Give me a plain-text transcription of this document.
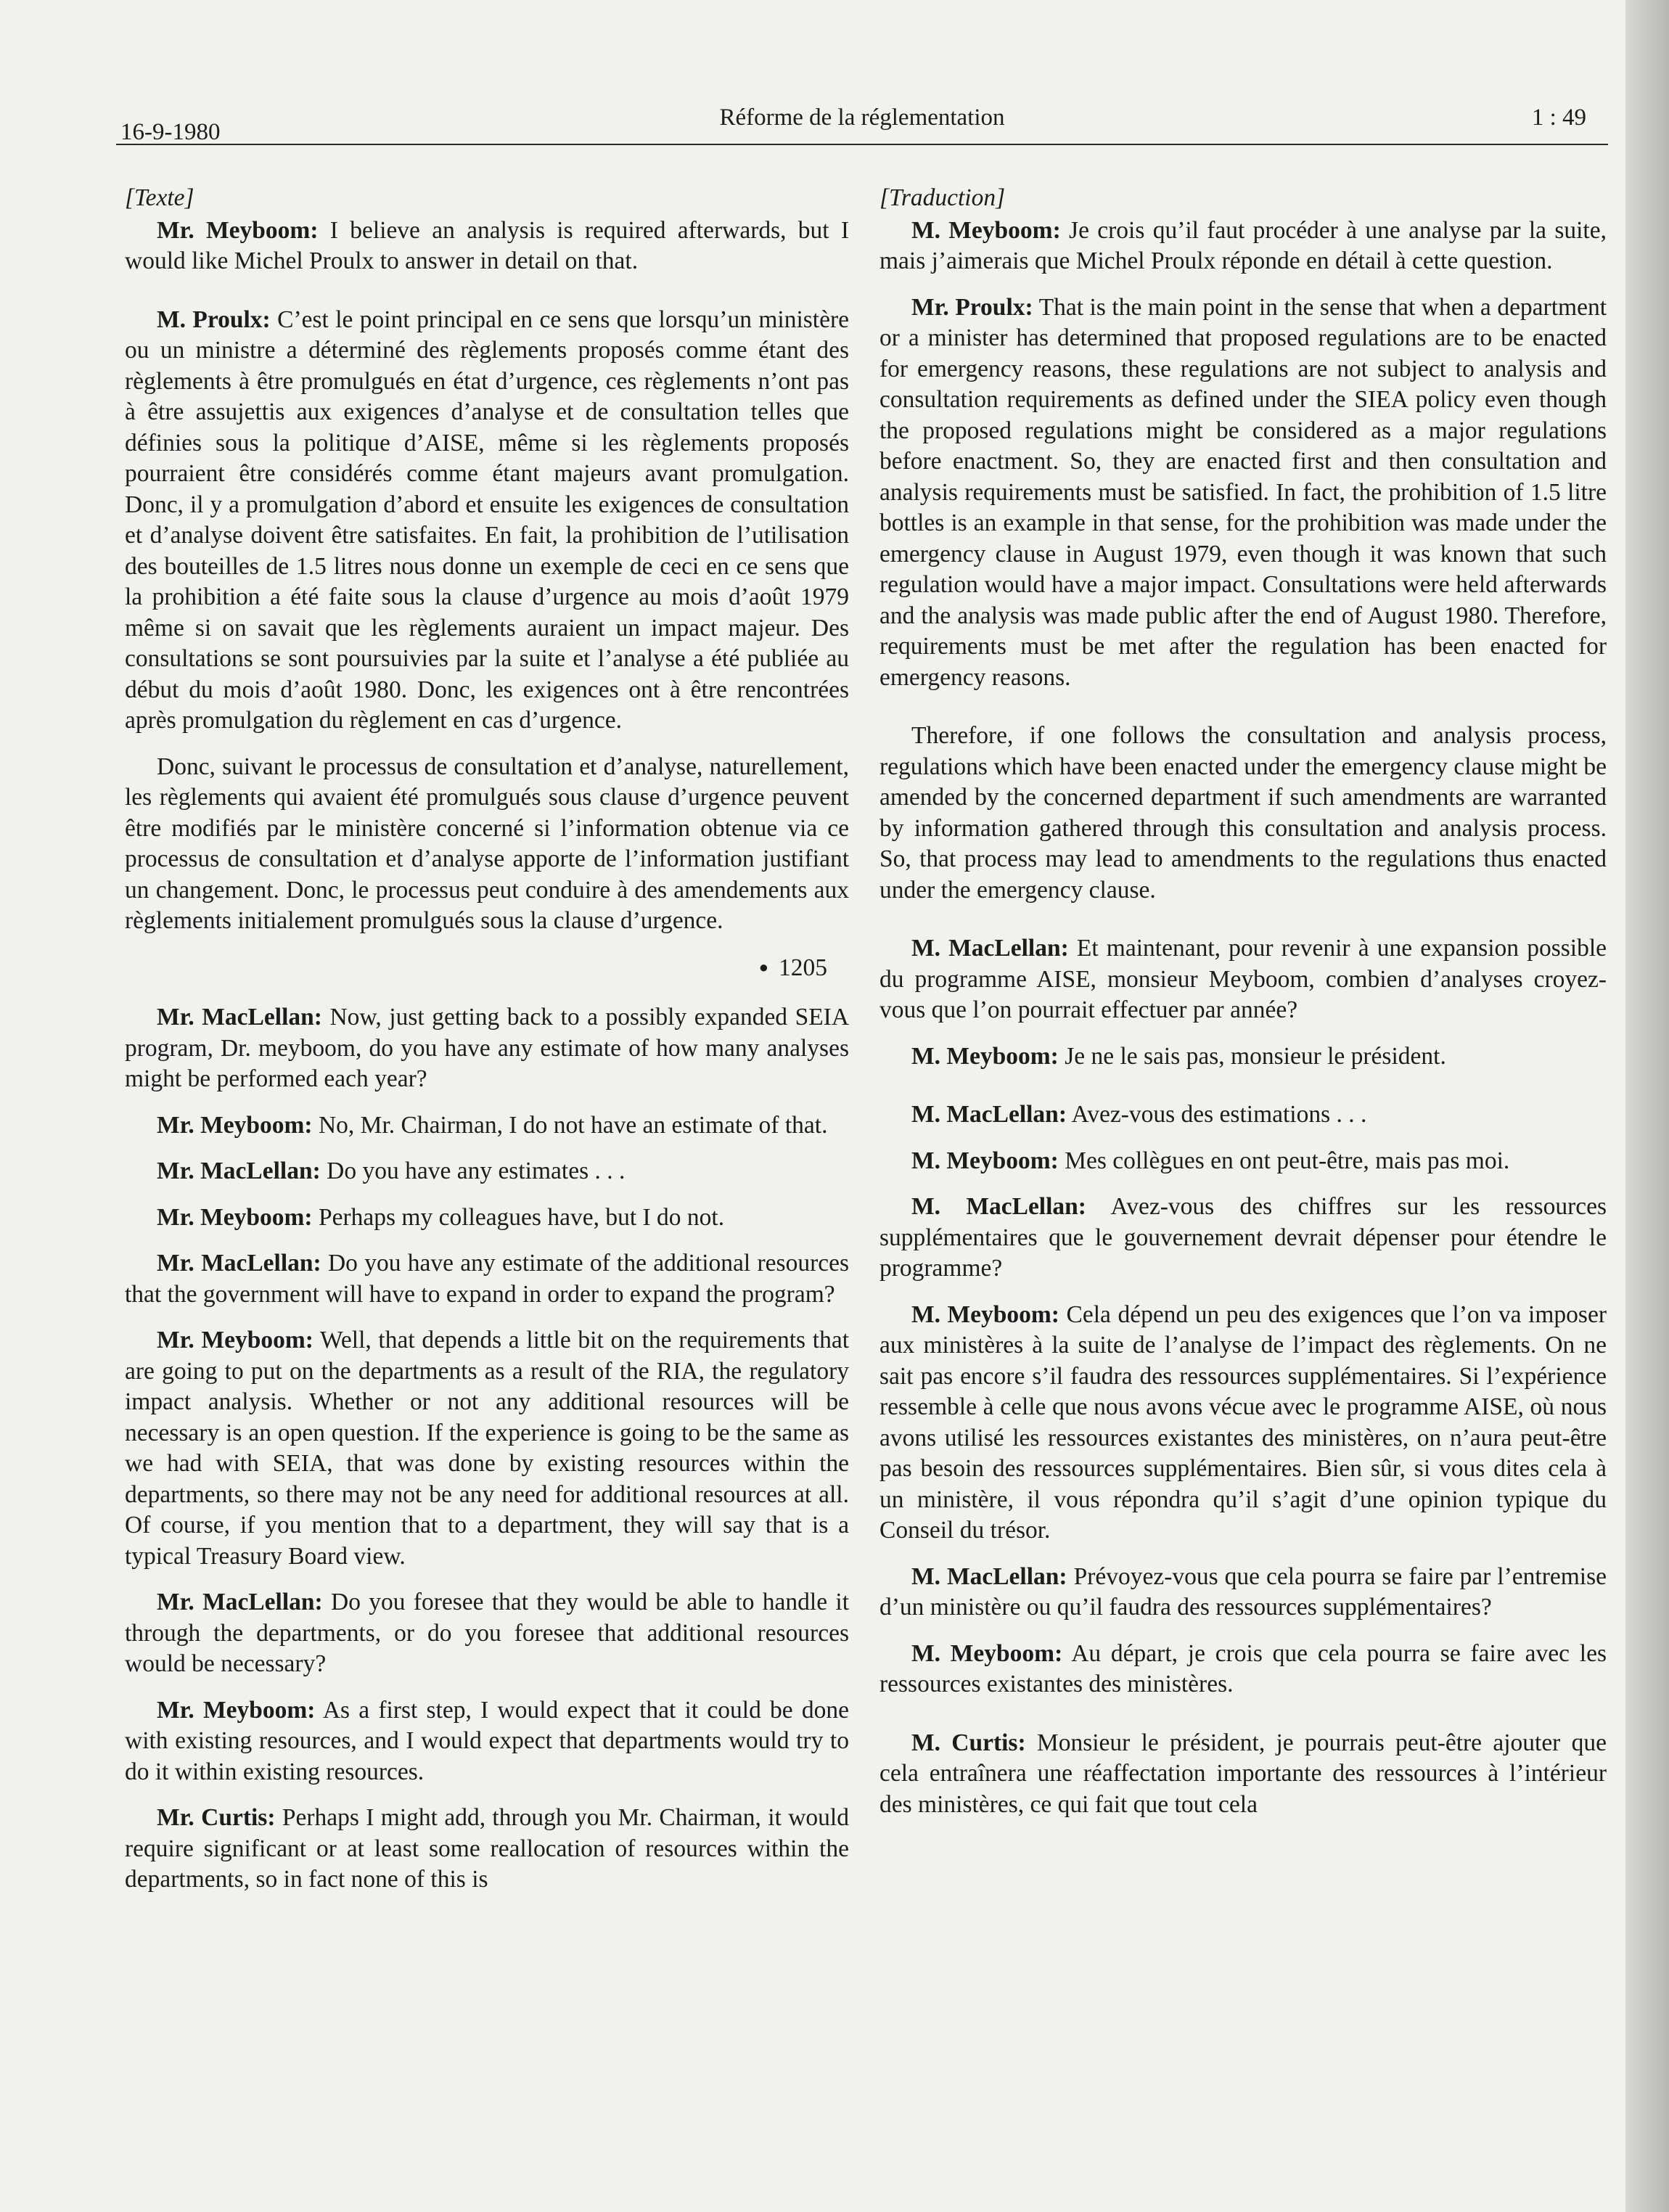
16-9-1980
Réforme de la réglementation	1 : 49

[Texte]

Mr. Meyboom: I believe an analysis is required afterwards, but I would like Michel Proulx to answer in detail on that.

M. Proulx: C’est le point principal en ce sens que lorsqu’un ministère ou un ministre a déterminé des règlements proposés comme étant des règlements à être promulgués en état d’urgence, ces règlements n’ont pas à être assujettis aux exigences d’analyse et de consultation telles que définies sous la politique d’AISE, même si les règlements proposés pourraient être considérés comme étant majeurs avant promulgation. Donc, il y a promulgation d’abord et ensuite les exigences de consultation et d’analyse doivent être satisfaites. En fait, la prohibition de l’utilisation des bouteilles de 1.5 litres nous donne un exemple de ceci en ce sens que la prohibition a été faite sous la clause d’urgence au mois d’août 1979 même si on savait que les règlements auraient un impact majeur. Des consultations se sont poursuivies par la suite et l’analyse a été publiée au début du mois d’août 1980. Donc, les exigences ont à être rencontrées après promulgation du règlement en cas d’urgence.

Donc, suivant le processus de consultation et d’analyse, naturellement, les règlements qui avaient été promulgués sous clause d’urgence peuvent être modifiés par le ministère concerné si l’information obtenue via ce processus de consultation et d’analyse apporte de l’information justifiant un changement. Donc, le processus peut conduire à des amendements aux règlements initialement promulgués sous la clause d’urgence.

● 1205

Mr. MacLellan: Now, just getting back to a possibly expanded SEIA program, Dr. meyboom, do you have any estimate of how many analyses might be performed each year?

Mr. Meyboom: No, Mr. Chairman, I do not have an estimate of that.

Mr. MacLellan: Do you have any estimates . . .

Mr. Meyboom: Perhaps my colleagues have, but I do not.

Mr. MacLellan: Do you have any estimate of the additional resources that the government will have to expand in order to expand the program?

Mr. Meyboom: Well, that depends a little bit on the requirements that are going to put on the departments as a result of the RIA, the regulatory impact analysis. Whether or not any additional resources will be necessary is an open question. If the experience is going to be the same as we had with SEIA, that was done by existing resources within the departments, so there may not be any need for additional resources at all. Of course, if you mention that to a department, they will say that is a typical Treasury Board view.

Mr. MacLellan: Do you foresee that they would be able to handle it through the departments, or do you foresee that additional resources would be necessary?

Mr. Meyboom: As a first step, I would expect that it could be done with existing resources, and I would expect that departments would try to do it within existing resources.

Mr. Curtis: Perhaps I might add, through you Mr. Chairman, it would require significant or at least some reallocation of resources within the departments, so in fact none of this is

[Traduction]

M. Meyboom: Je crois qu’il faut procéder à une analyse par la suite, mais j’aimerais que Michel Proulx réponde en détail à cette question.

Mr. Proulx: That is the main point in the sense that when a department or a minister has determined that proposed regulations are to be enacted for emergency reasons, these regulations are not subject to analysis and consultation requirements as defined under the SIEA policy even though the proposed regulations might be considered as a major regulations before enactment. So, they are enacted first and then consultation and analysis requirements must be satisfied. In fact, the prohibition of 1.5 litre bottles is an example in that sense, for the prohibition was made under the emergency clause in August 1979, even though it was known that such regulation would have a major impact. Consultations were held afterwards and the analysis was made public after the end of August 1980. Therefore, requirements must be met after the regulation has been enacted for emergency reasons.

Therefore, if one follows the consultation and analysis process, regulations which have been enacted under the emergency clause might be amended by the concerned department if such amendments are warranted by information gathered through this consultation and analysis process. So, that process may lead to amendments to the regulations thus enacted under the emergency clause.

M. MacLellan: Et maintenant, pour revenir à une expansion possible du programme AISE, monsieur Meyboom, combien d’analyses croyez-vous que l’on pourrait effectuer par année?

M. Meyboom: Je ne le sais pas, monsieur le président.

M. MacLellan: Avez-vous des estimations . . .

M. Meyboom: Mes collègues en ont peut-être, mais pas moi.

M. MacLellan: Avez-vous des chiffres sur les ressources supplémentaires que le gouvernement devrait dépenser pour étendre le programme?

M. Meyboom: Cela dépend un peu des exigences que l’on va imposer aux ministères à la suite de l’analyse de l’impact des règlements. On ne sait pas encore s’il faudra des ressources supplémentaires. Si l’expérience ressemble à celle que nous avons vécue avec le programme AISE, où nous avons utilisé les ressources existantes des ministères, on n’aura peut-être pas besoin des ressources supplémentaires. Bien sûr, si vous dites cela à un ministère, il vous répondra qu’il s’agit d’une opinion typique du Conseil du trésor.

M. MacLellan: Prévoyez-vous que cela pourra se faire par l’entremise d’un ministère ou qu’il faudra des ressources supplémentaires?

M. Meyboom: Au départ, je crois que cela pourra se faire avec les ressources existantes des ministères.

M. Curtis: Monsieur le président, je pourrais peut-être ajouter que cela entraînera une réaffectation importante des ressources à l’intérieur des ministères, ce qui fait que tout cela
